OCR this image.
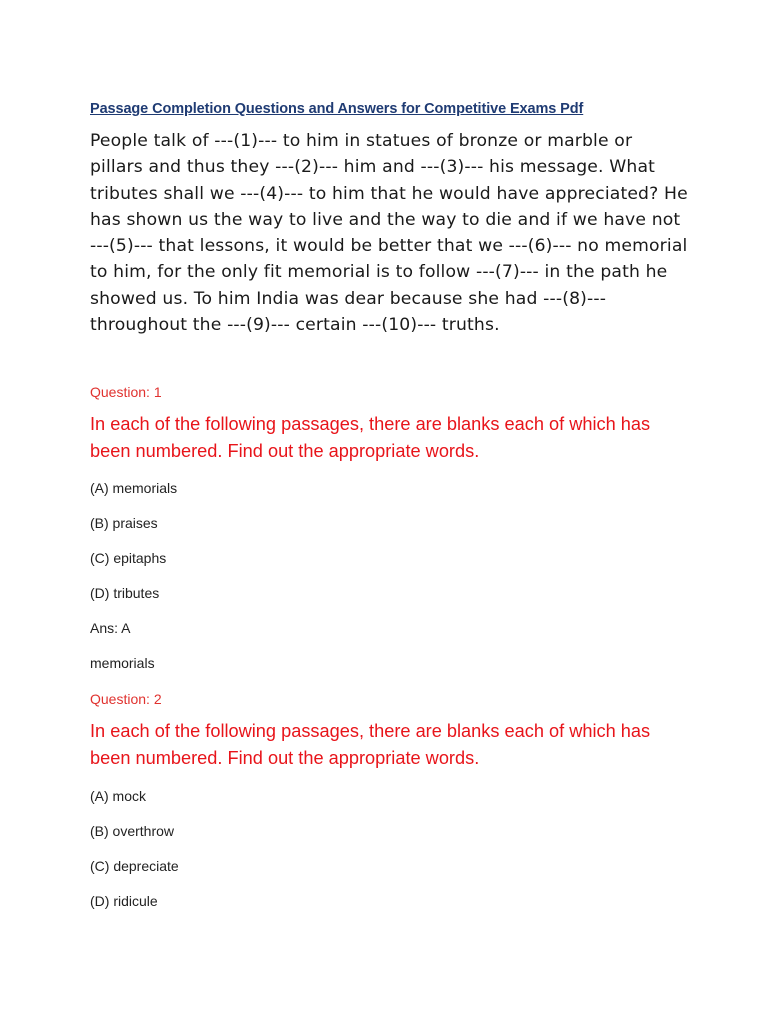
Passage Completion Questions and Answers for Competitive Exams Pdf

People talk of ---(1)--- to him in statues of bronze or marble or pillars and thus they ---(2)--- him and ---(3)--- his message. What tributes shall we ---(4)--- to him that he would have appreciated? He has shown us the way to live and the way to die and if we have not ---(5)--- that lessons, it would be better that we ---(6)--- no memorial to him, for the only fit memorial is to follow ---(7)--- in the path he showed us. To him India was dear because she had ---(8)--- throughout the ---(9)--- certain ---(10)--- truths.

Question: 1

In each of the following passages, there are blanks each of which has been numbered. Find out the appropriate words.

(A) memorials

(B) praises

(C) epitaphs

(D) tributes

Ans: A

memorials

Question: 2

In each of the following passages, there are blanks each of which has been numbered. Find out the appropriate words.

(A) mock

(B) overthrow

(C) depreciate

(D) ridicule
